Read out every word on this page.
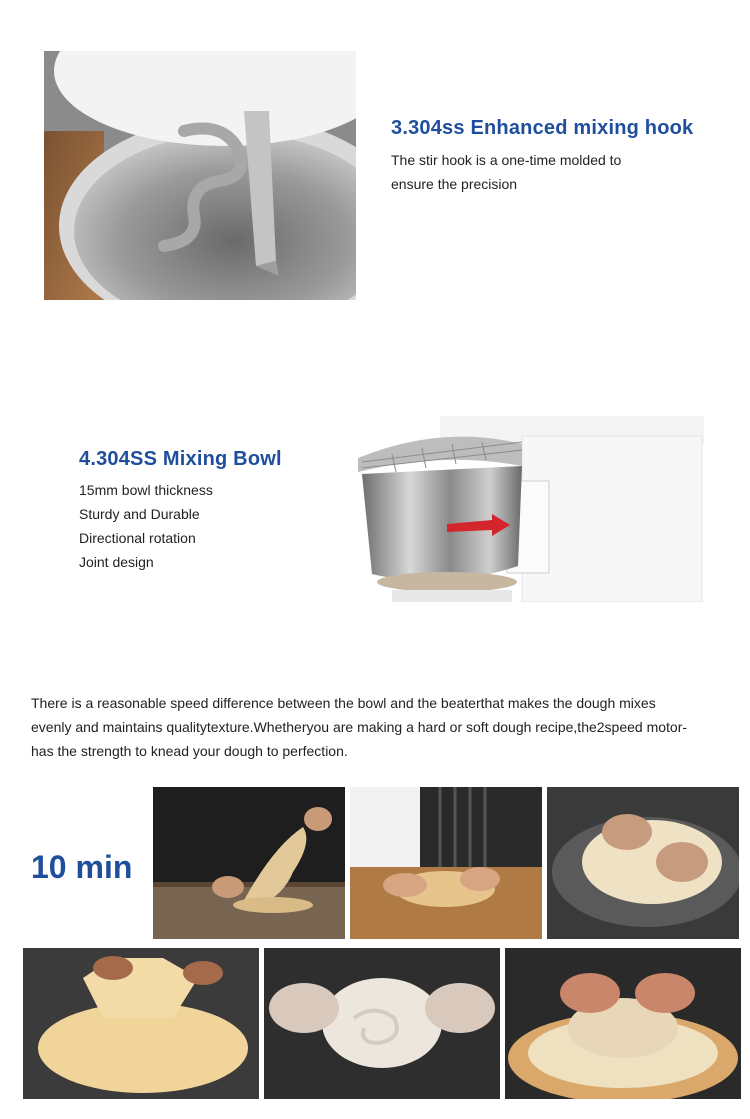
3.304ss Enhanced mixing hook
The stir hook is a one-time molded to
ensure the precision
4.304SS Mixing Bowl
15mm bowl thickness
Sturdy and Durable
Directional rotation
Joint design
There is a reasonable speed difference between the bowl and the beaterthat makes the dough mixes
evenly and maintains qualitytexture.Whetheryou are making a hard or soft dough recipe,the2speed motor-
has the strength to knead your dough to perfection.
10 min
